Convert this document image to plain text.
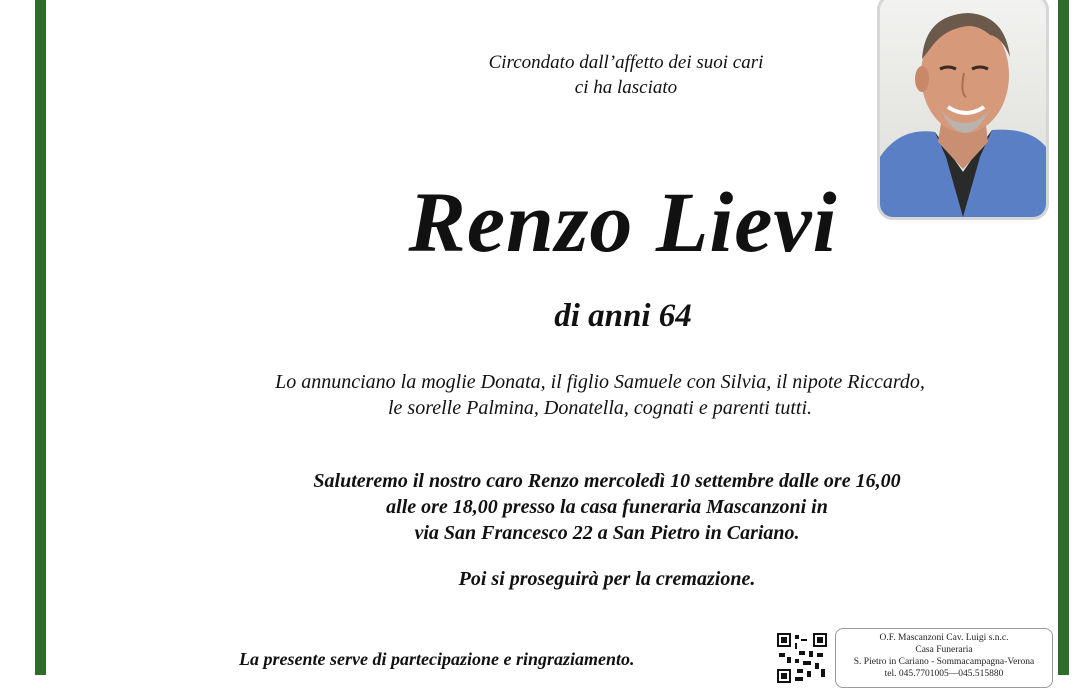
Circondato dall’affetto dei suoi cari
ci ha lasciato
Renzo Lievi
di anni 64
Lo annunciano la moglie Donata, il figlio Samuele con Silvia, il nipote Riccardo,
le sorelle Palmina, Donatella, cognati e parenti tutti.
Saluteremo il nostro caro Renzo mercoledì 10 settembre dalle ore 16,00
alle ore 18,00 presso la casa funeraria Mascanzoni in
via San Francesco 22 a San Pietro in Cariano.
Poi si proseguirà per la cremazione.
La presente serve di partecipazione e ringraziamento.
O.F. Mascanzoni Cav. Luigi s.n.c.
Casa Funeraria
S. Pietro in Cariano - Sommacampagna-Verona
tel. 045.7701005—045.515880
